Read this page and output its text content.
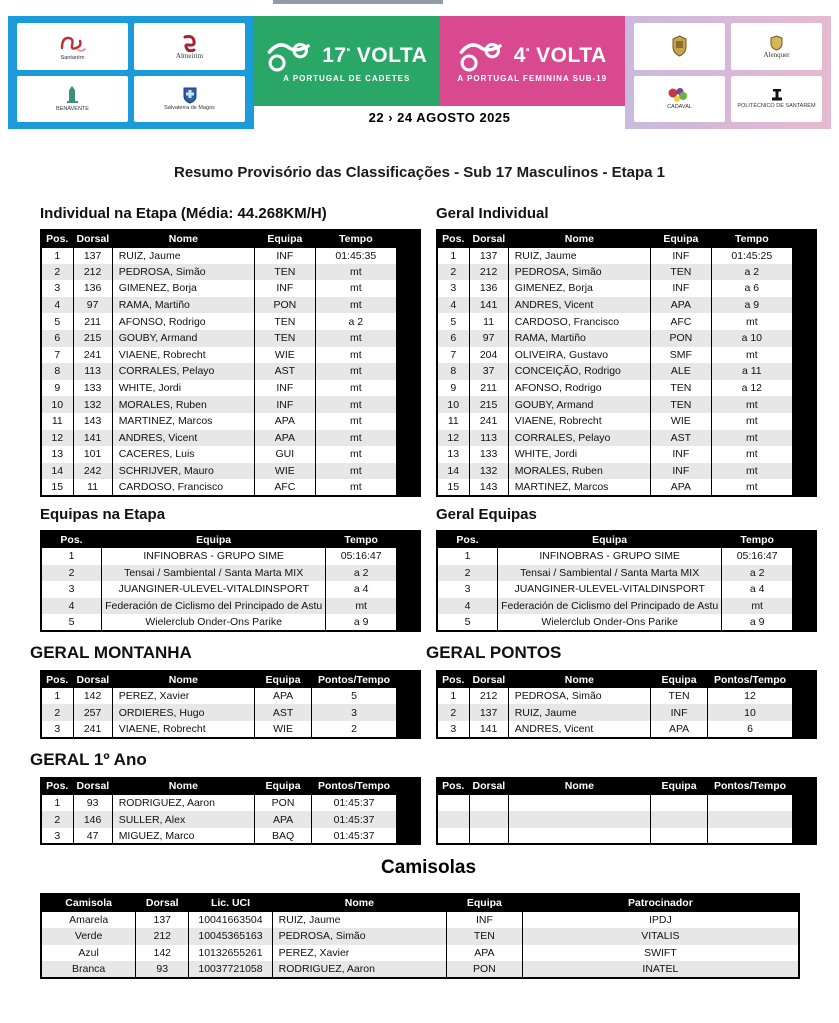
Santarém	Almeirim
BENAVENTE	Salvaterra de Magos
$17^ª$ VOLTA
A PORTUGAL DE CADETES
$4^ª$ VOLTA
A PORTUGAL FEMININA SUB-19
22 › 24 AGOSTO 2025
Alenquer
CADAVAL	POLITÉCNICO DE SANTARÉM
Resumo Provisório das Classificações - Sub 17 Masculinos - Etapa 1
Individual na Etapa (Média: 44.268KM/H)
Pos.	Dorsal	Nome	Equipa	Tempo
1	137	RUIZ, Jaume	INF	01:45:35
2	212	PEDROSA, Simão	TEN	mt
3	136	GIMENEZ, Borja	INF	mt
4	97	RAMA, Martiño	PON	mt
5	211	AFONSO, Rodrigo	TEN	a 2
6	215	GOUBY, Armand	TEN	mt
7	241	VIAENE, Robrecht	WIE	mt
8	113	CORRALES, Pelayo	AST	mt
9	133	WHITE, Jordi	INF	mt
10	132	MORALES, Ruben	INF	mt
11	143	MARTINEZ, Marcos	APA	mt
12	141	ANDRES, Vicent	APA	mt
13	101	CACERES, Luis	GUI	mt
14	242	SCHRIJVER, Mauro	WIE	mt
15	11	CARDOSO, Francisco	AFC	mt
Geral Individual
Pos.	Dorsal	Nome	Equipa	Tempo
1	137	RUIZ, Jaume	INF	01:45:25
2	212	PEDROSA, Simão	TEN	a 2
3	136	GIMENEZ, Borja	INF	a 6
4	141	ANDRES, Vicent	APA	a 9
5	11	CARDOSO, Francisco	AFC	mt
6	97	RAMA, Martiño	PON	a 10
7	204	OLIVEIRA, Gustavo	SMF	mt
8	37	CONCEIÇÃO, Rodrigo	ALE	a 11
9	211	AFONSO, Rodrigo	TEN	a 12
10	215	GOUBY, Armand	TEN	mt
11	241	VIAENE, Robrecht	WIE	mt
12	113	CORRALES, Pelayo	AST	mt
13	133	WHITE, Jordi	INF	mt
14	132	MORALES, Ruben	INF	mt
15	143	MARTINEZ, Marcos	APA	mt
Equipas na Etapa
Pos.	Equipa	Tempo
1	INFINOBRAS - GRUPO SIME	05:16:47
2	Tensai / Sambiental / Santa Marta MIX	a 2
3	JUANGINER-ULEVEL-VITALDINSPORT	a 4
4	Federación de Ciclismo del Principado de Astu	mt
5	Wielerclub Onder-Ons Parike	a 9
Geral Equipas
Pos.	Equipa	Tempo
1	INFINOBRAS - GRUPO SIME	05:16:47
2	Tensai / Sambiental / Santa Marta MIX	a 2
3	JUANGINER-ULEVEL-VITALDINSPORT	a 4
4	Federación de Ciclismo del Principado de Astu	mt
5	Wielerclub Onder-Ons Parike	a 9
GERAL MONTANHA
Pos.	Dorsal	Nome	Equipa	Pontos/Tempo
1	142	PEREZ, Xavier	APA	5
2	257	ORDIERES, Hugo	AST	3
3	241	VIAENE, Robrecht	WIE	2
GERAL PONTOS
Pos.	Dorsal	Nome	Equipa	Pontos/Tempo
1	212	PEDROSA, Simão	TEN	12
2	137	RUIZ, Jaume	INF	10
3	141	ANDRES, Vicent	APA	6
GERAL 1º Ano
Pos.	Dorsal	Nome	Equipa	Pontos/Tempo
1	93	RODRIGUEZ, Aaron	PON	01:45:37
2	146	SULLER, Alex	APA	01:45:37
3	47	MIGUEZ, Marco	BAQ	01:45:37
Pos.	Dorsal	Nome	Equipa	Pontos/Tempo

Camisolas
Camisola	Dorsal	Lic. UCI	Nome	Equipa	Patrocinador
Amarela	137	10041663504	RUIZ, Jaume	INF	IPDJ
Verde	212	10045365163	PEDROSA, Simão	TEN	VITALIS
Azul	142	10132655261	PEREZ, Xavier	APA	SWIFT
Branca	93	10037721058	RODRIGUEZ, Aaron	PON	INATEL
